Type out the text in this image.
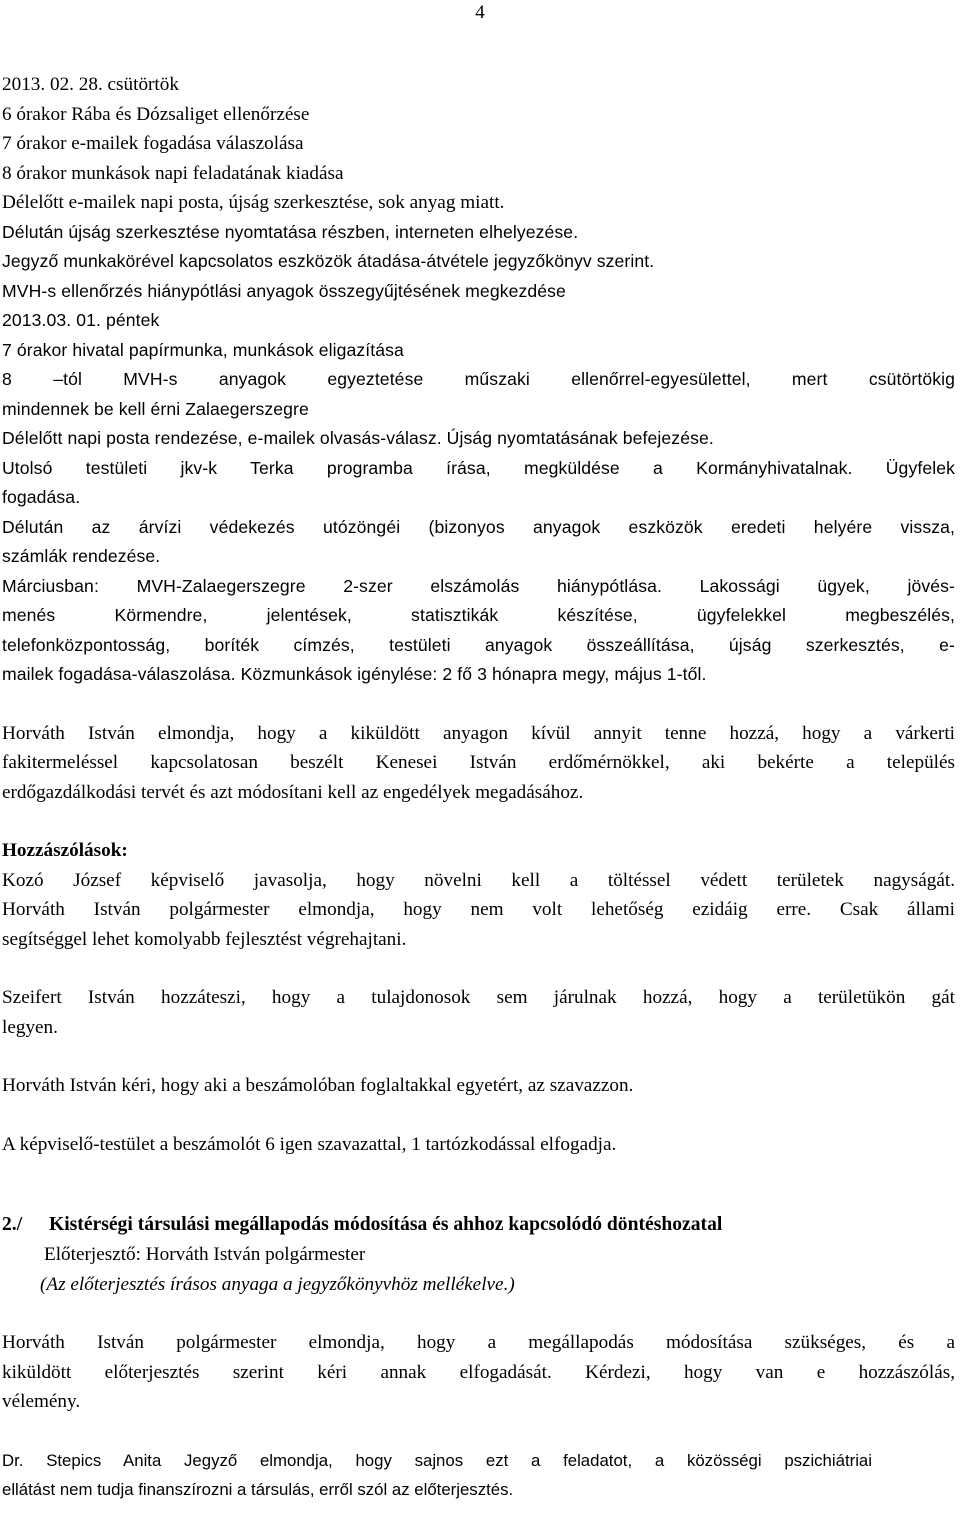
4
2013. 02. 28. csütörtök
6 órakor Rába és Dózsaliget ellenőrzése
7 órakor e-mailek fogadása válaszolása
8 órakor munkások napi feladatának kiadása
Délelőtt e-mailek napi posta, újság szerkesztése, sok anyag miatt.
Délután újság szerkesztése nyomtatása részben, interneten elhelyezése.
Jegyző munkakörével kapcsolatos eszközök átadása-átvétele jegyzőkönyv szerint.
MVH-s ellenőrzés hiánypótlási anyagok összegyűjtésének megkezdése
2013.03. 01. péntek
7 órakor hivatal papírmunka, munkások eligazítása
8 –tól MVH-s anyagok egyeztetése műszaki ellenőrrel-egyesülettel, mert csütörtökig
mindennek be kell érni Zalaegerszegre
Délelőtt napi posta rendezése, e-mailek olvasás-válasz. Újság nyomtatásának befejezése.
Utolsó testületi jkv-k Terka programba írása, megküldése a Kormányhivatalnak. Ügyfelek
fogadása.
Délután az árvízi védekezés utózöngéi (bizonyos anyagok eszközök eredeti helyére vissza,
számlák rendezése.
Márciusban: MVH-Zalaegerszegre 2-szer elszámolás hiánypótlása. Lakossági ügyek, jövés-
menés Körmendre, jelentések, statisztikák készítése, ügyfelekkel megbeszélés,
telefonközpontosság, boríték címzés, testületi anyagok összeállítása, újság szerkesztés, e-
mailek fogadása-válaszolása. Közmunkások igénylése: 2 fő 3 hónapra megy, május 1-től.
Horváth István elmondja, hogy a kiküldött anyagon kívül annyit tenne hozzá, hogy a várkerti
fakitermeléssel kapcsolatosan beszélt Kenesei István erdőmérnökkel, aki bekérte a település
erdőgazdálkodási tervét és azt módosítani kell az engedélyek megadásához.
Hozzászólások:
Kozó József képviselő javasolja, hogy növelni kell a töltéssel védett területek nagyságát.
Horváth István polgármester elmondja, hogy nem volt lehetőség ezidáig erre. Csak állami
segítséggel lehet komolyabb fejlesztést végrehajtani.
Szeifert István hozzáteszi, hogy a tulajdonosok sem járulnak hozzá, hogy a területükön gát
legyen.
Horváth István kéri, hogy aki a beszámolóban foglaltakkal egyetért, az szavazzon.
A képviselő-testület a beszámolót 6 igen szavazattal, 1 tartózkodással elfogadja.
2./ Kistérségi társulási megállapodás módosítása és ahhoz kapcsolódó döntéshozatal
Előterjesztő: Horváth István polgármester
(Az előterjesztés írásos anyaga a jegyzőkönyvhöz mellékelve.)
Horváth István polgármester elmondja, hogy a megállapodás módosítása szükséges, és a
kiküldött előterjesztés szerint kéri annak elfogadását. Kérdezi, hogy van e hozzászólás,
vélemény.
Dr. Stepics Anita Jegyző elmondja, hogy sajnos ezt a feladatot, a közösségi pszichiátriai
ellátást nem tudja finanszírozni a társulás, erről szól az előterjesztés.
